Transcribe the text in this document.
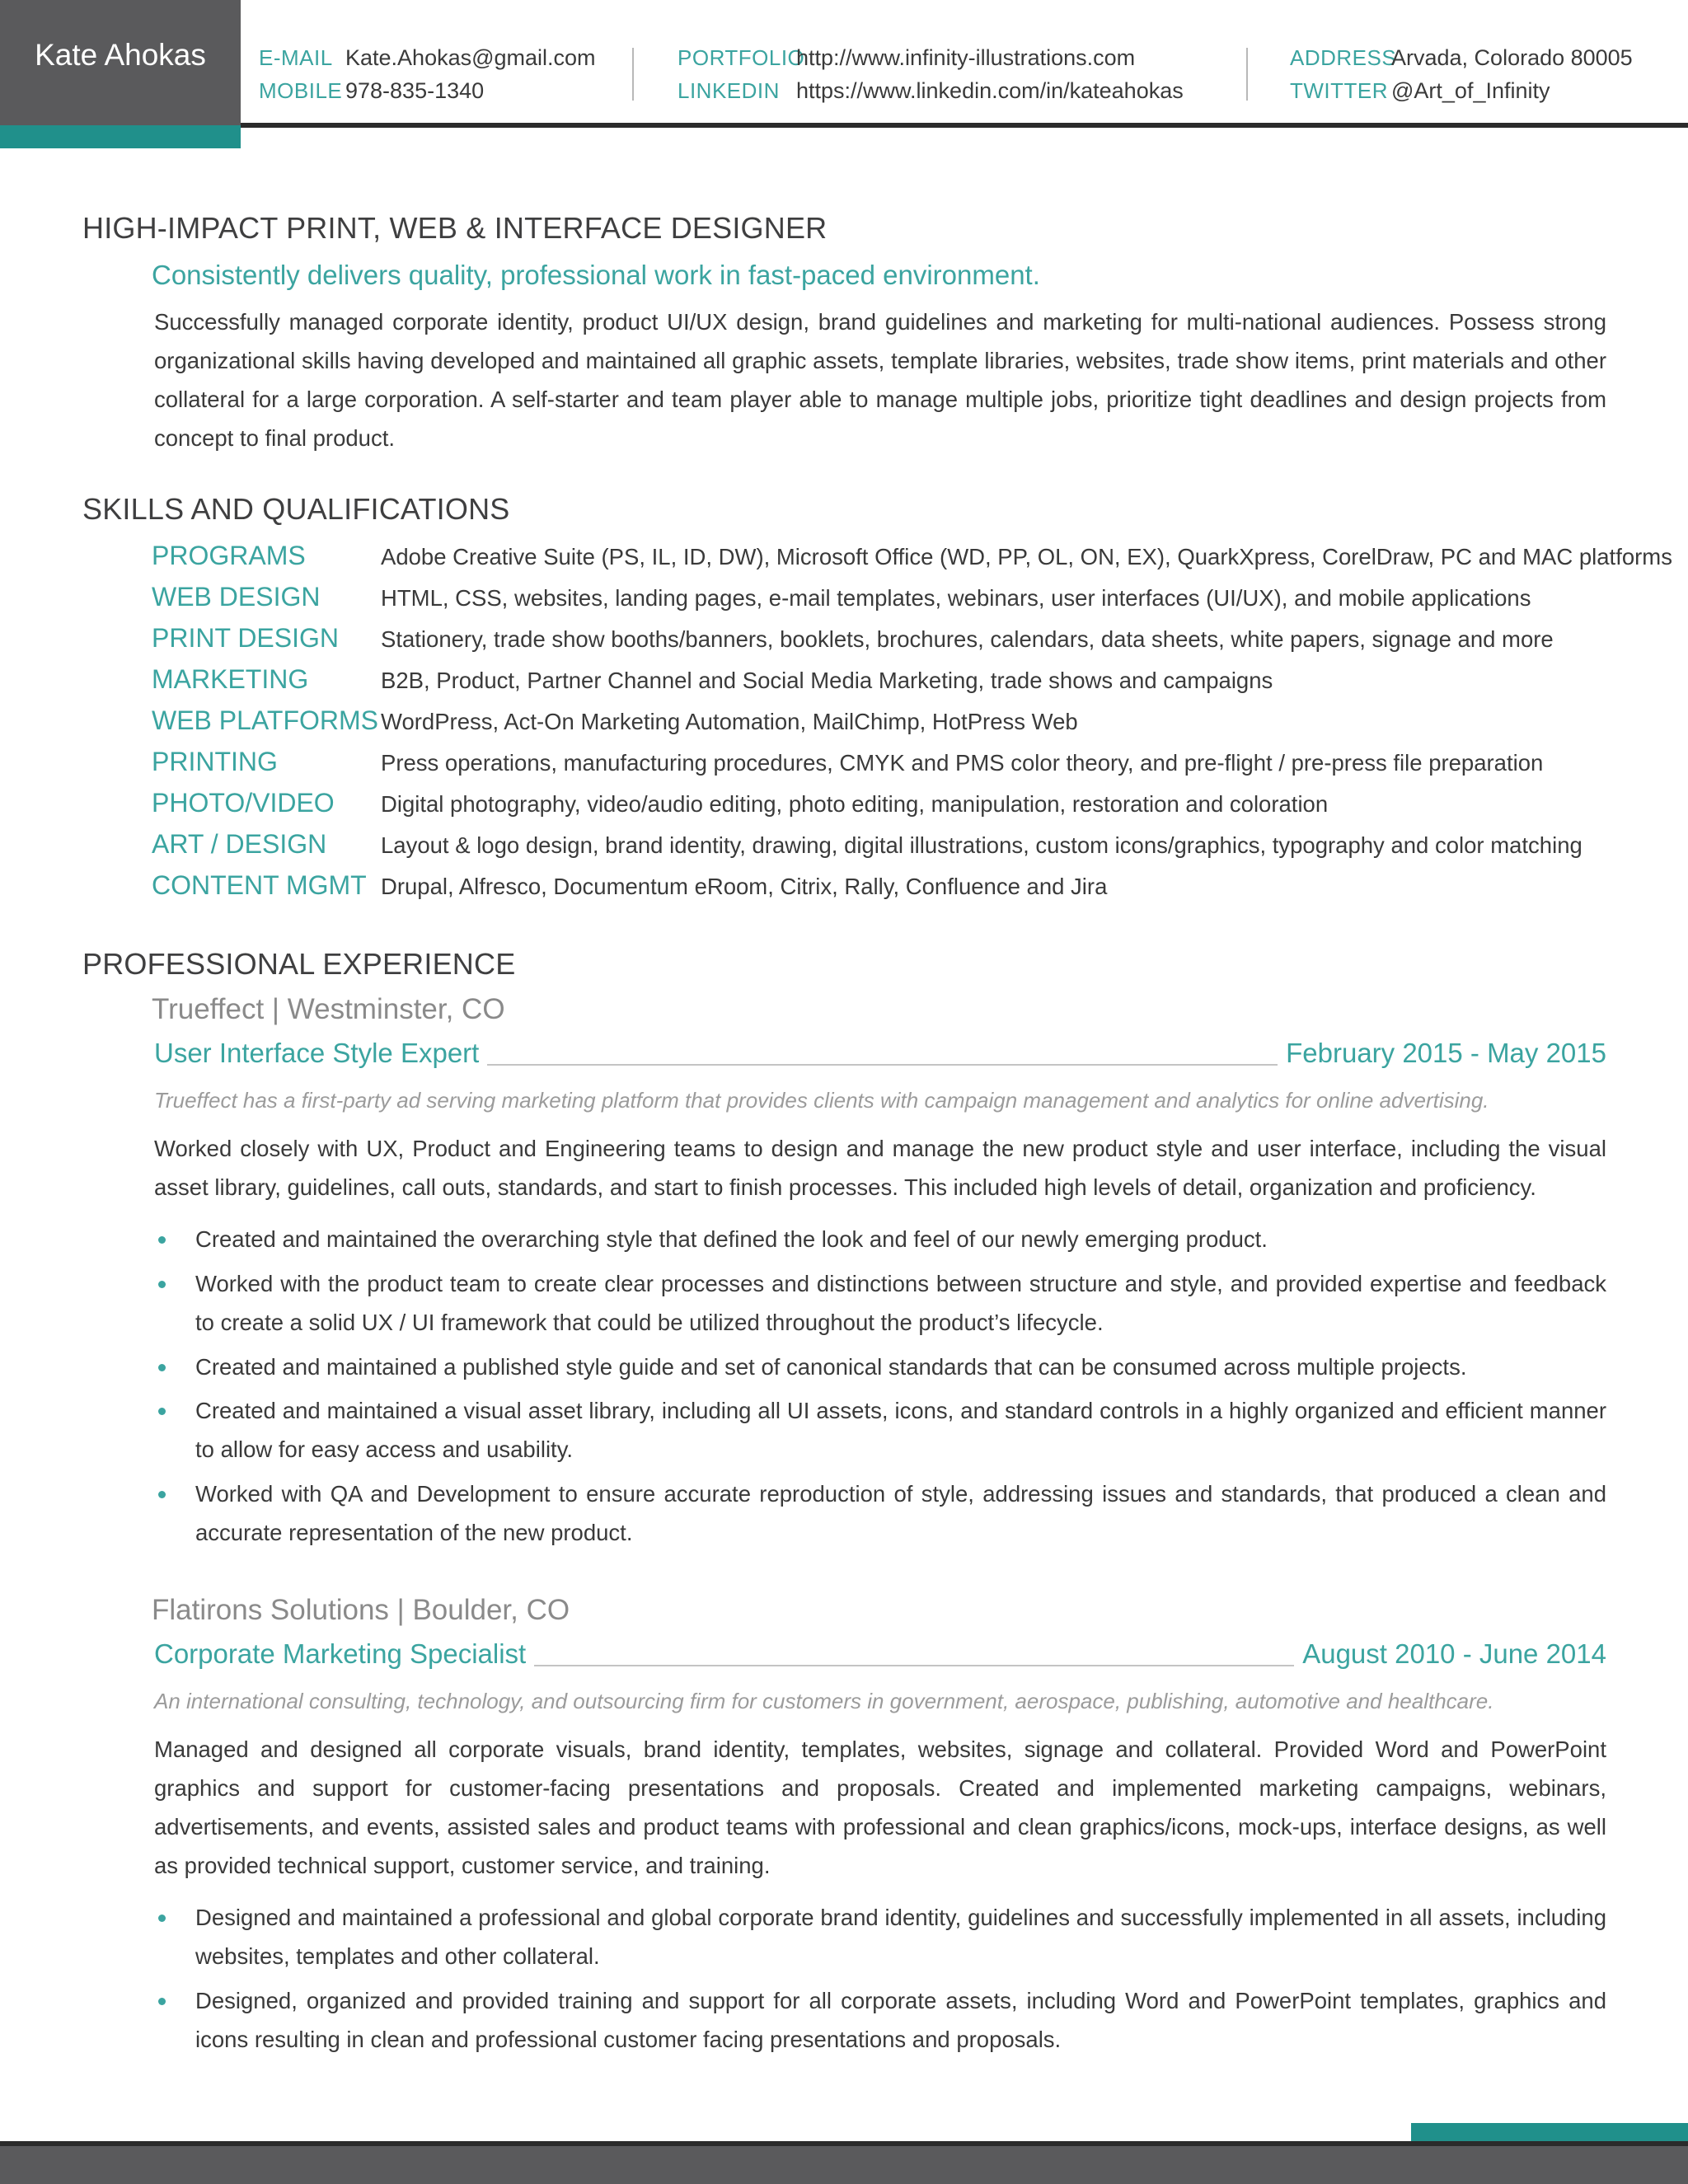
Kate Ahokas	E-MAIL Kate.Ahokas@gmail.com
MOBILE 978-835-1340
PORTFOLIO
http://www.infinity-illustrations.com
LINKEDIN https://www.linkedin.com/in/kateahokas
ADDRESS
Arvada, Colorado 80005
TWITTER @Art_of_Infinity
HIGH-IMPACT PRINT, WEB & INTERFACE DESIGNER
Consistently delivers quality, professional work in fast-paced environment.
Successfully managed corporate identity, product UI/UX design, brand guidelines and marketing for multi-national audiences. Possess strong organizational skills having developed and maintained all graphic assets, template libraries, websites, trade show items, print materials and other collateral for a large corporation. A self-starter and team player able to manage multiple jobs, prioritize tight deadlines and design projects from concept to final product.
SKILLS AND QUALIFICATIONS
PROGRAMS	Adobe Creative Suite (PS, IL, ID, DW), Microsoft Office (WD, PP, OL, ON, EX), QuarkXpress, CorelDraw, PC and MAC platforms
WEB DESIGN	HTML, CSS, websites, landing pages, e-mail templates, webinars, user interfaces (UI/UX), and mobile applications
PRINT DESIGN Stationery, trade show booths/banners, booklets, brochures, calendars, data sheets, white papers, signage and more
MARKETING	B2B, Product, Partner Channel and Social Media Marketing, trade shows and campaigns
WEB PLATFORMS WordPress, Act-On Marketing Automation, MailChimp, HotPress Web
PRINTING	Press operations, manufacturing procedures, CMYK and PMS color theory, and pre-flight / pre-press file preparation
PHOTO/VIDEO Digital photography, video/audio editing, photo editing, manipulation, restoration and coloration
ART / DESIGN Layout & logo design, brand identity, drawing, digital illustrations, custom icons/graphics, typography and color matching
CONTENT MGMT Drupal, Alfresco, Documentum eRoom, Citrix, Rally, Confluence and Jira
PROFESSIONAL EXPERIENCE
Trueffect | Westminster, CO
User Interface Style Expert	February 2015 - May 2015
Trueffect has a first-party ad serving marketing platform that provides clients with campaign management and analytics for online advertising.
Worked closely with UX, Product and Engineering teams to design and manage the new product style and user interface, including the visual asset library, guidelines, call outs, standards, and start to finish processes. This included high levels of detail, organization and proficiency.
Created and maintained the overarching style that defined the look and feel of our newly emerging product.
Worked with the product team to create clear processes and distinctions between structure and style, and provided expertise and feedback to create a solid UX / UI framework that could be utilized throughout the product’s lifecycle.
Created and maintained a published style guide and set of canonical standards that can be consumed across multiple projects.
Created and maintained a visual asset library, including all UI assets, icons, and standard controls in a highly organized and efficient manner to allow for easy access and usability.
Worked with QA and Development to ensure accurate reproduction of style, addressing issues and standards, that produced a clean and accurate representation of the new product.
Flatirons Solutions | Boulder, CO
Corporate Marketing Specialist	August 2010 - June 2014
An international consulting, technology, and outsourcing firm for customers in government, aerospace, publishing, automotive and healthcare.
Managed and designed all corporate visuals, brand identity, templates, websites, signage and collateral. Provided Word and PowerPoint graphics and support for customer-facing presentations and proposals. Created and implemented marketing campaigns, webinars, advertisements, and events, assisted sales and product teams with professional and clean graphics/icons, mock-ups, interface designs, as well as provided technical support, customer service, and training.
Designed and maintained a professional and global corporate brand identity, guidelines and successfully implemented in all assets, including websites, templates and other collateral.
Designed, organized and provided training and support for all corporate assets, including Word and PowerPoint templates, graphics and icons resulting in clean and professional customer facing presentations and proposals.
